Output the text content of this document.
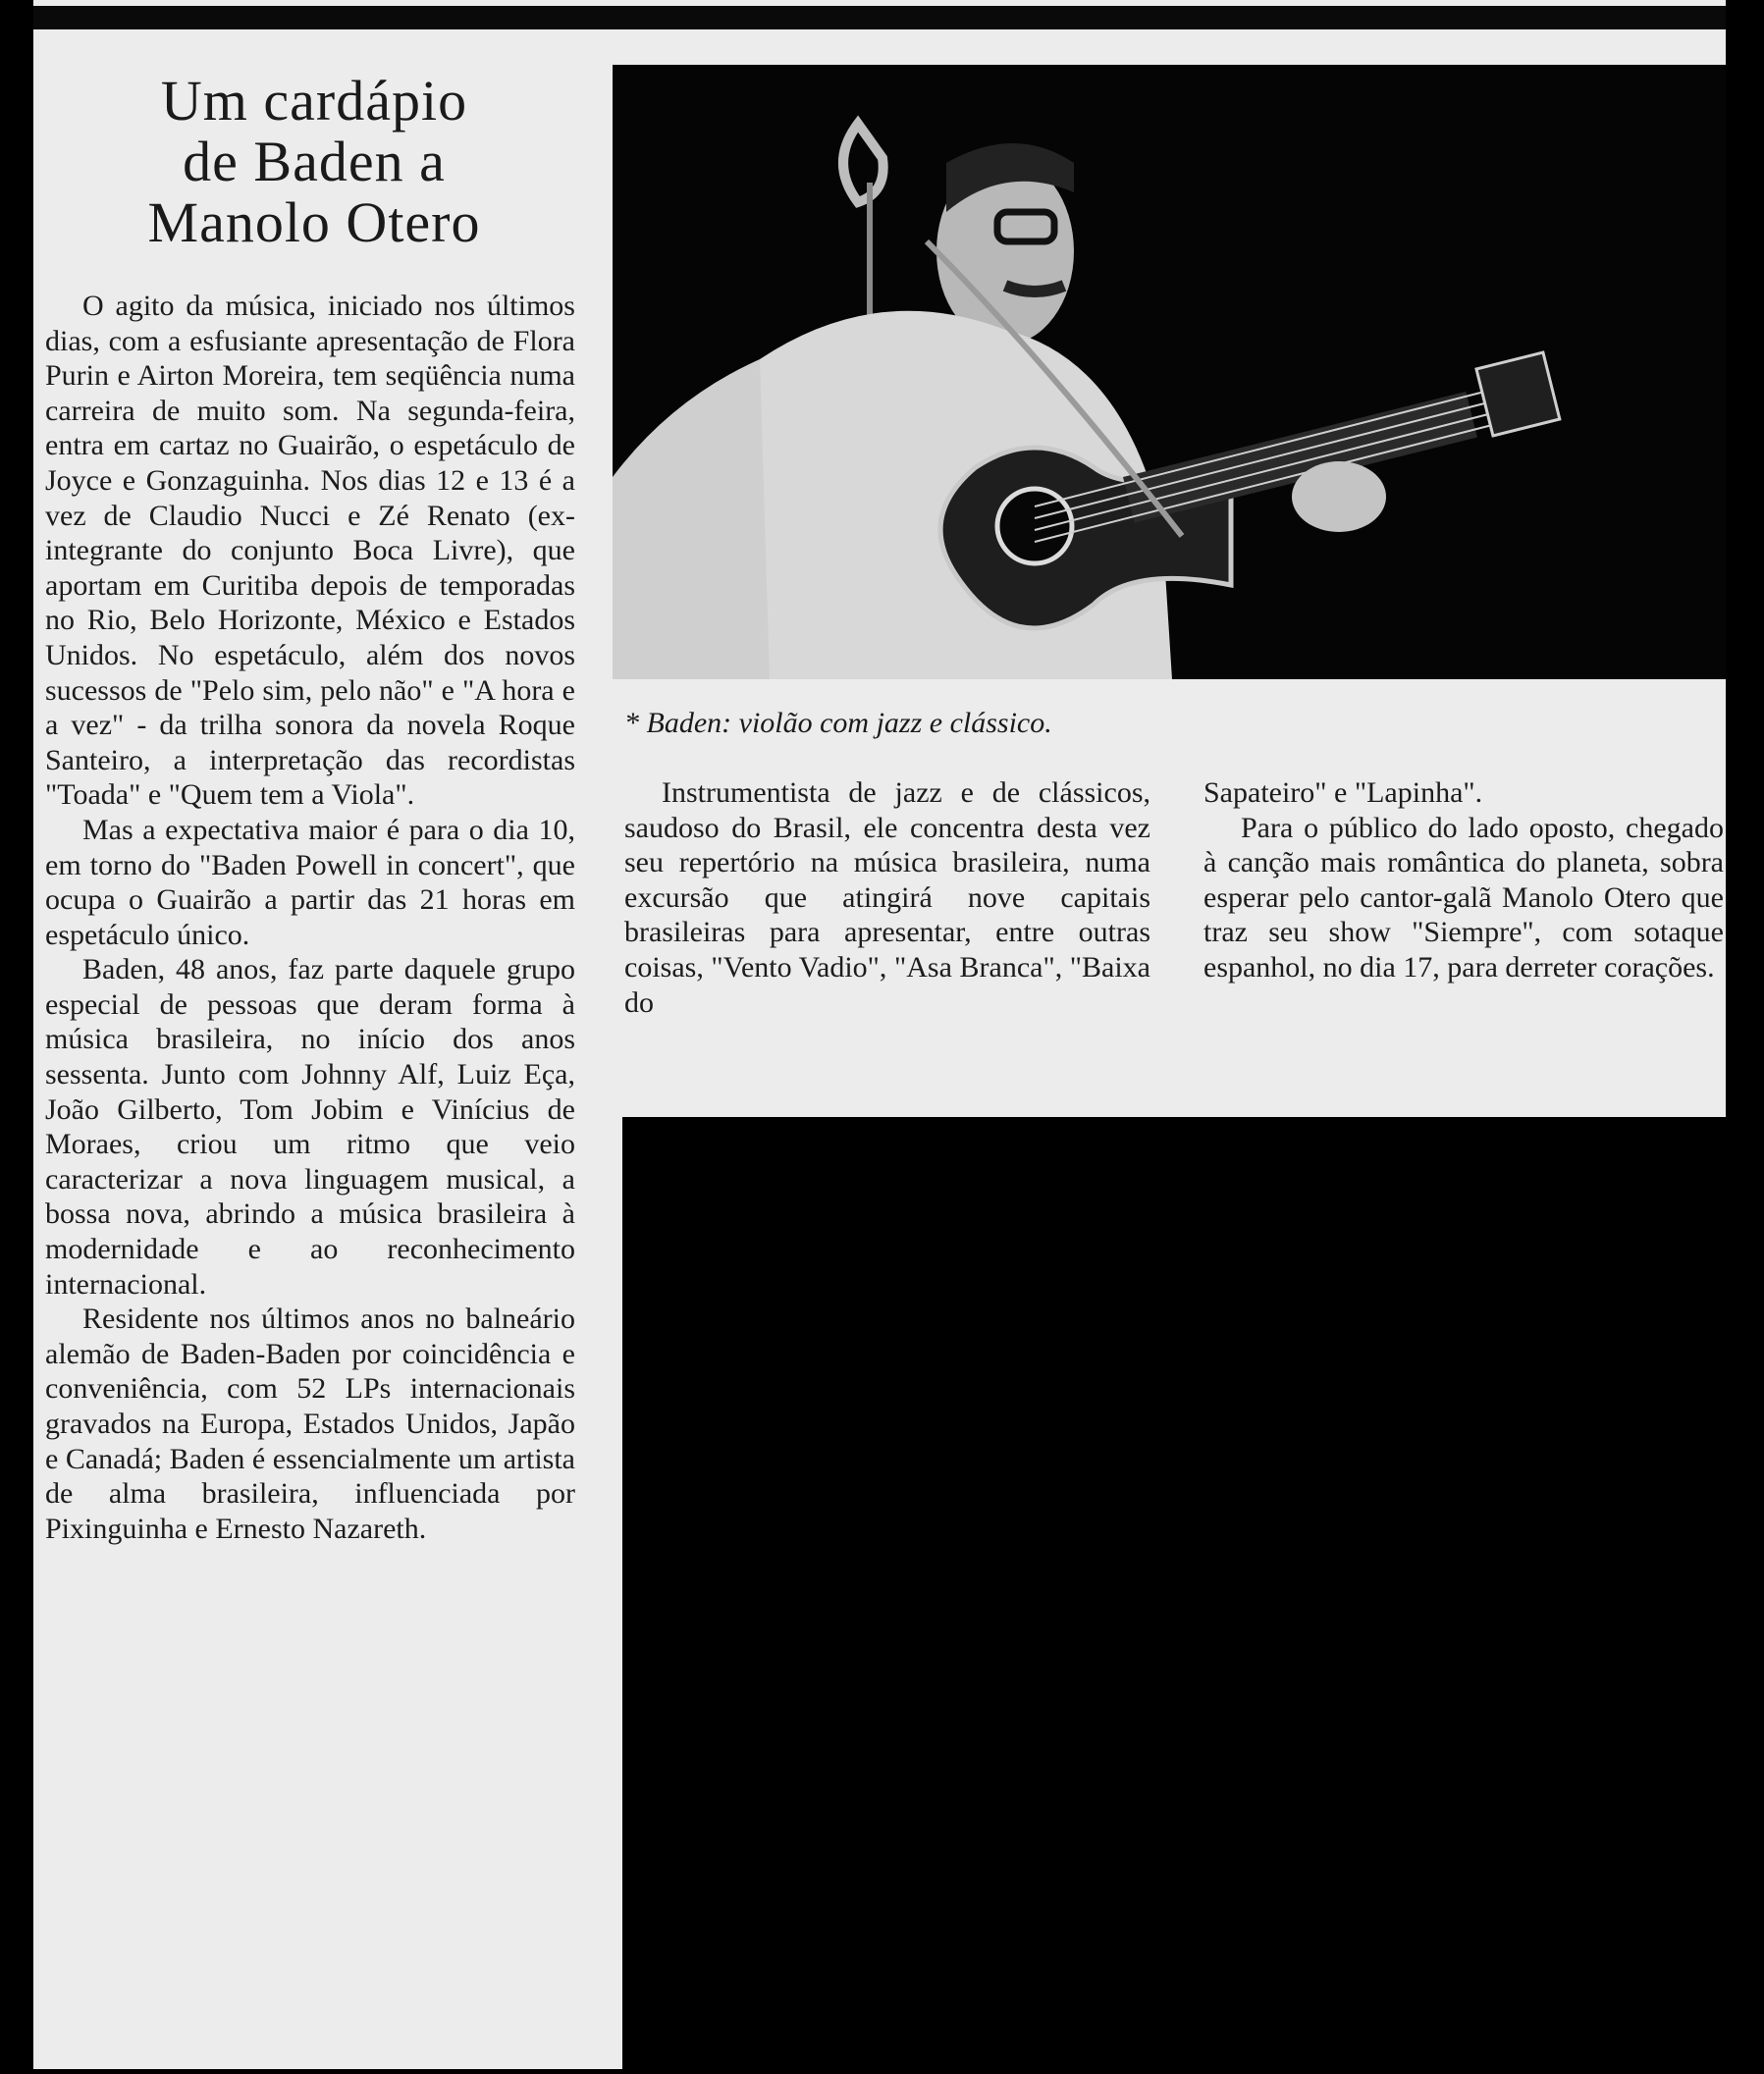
Um cardápio
de Baden a
Manolo Otero
* Baden: violão com jazz e clássico.

O agito da música, iniciado nos últimos dias, com a esfusiante apresentação de Flora Purin e Airton Moreira, tem seqüência numa carreira de muito som. Na segunda-feira, entra em cartaz no Guairão, o espetáculo de Joyce e Gonzaguinha. Nos dias 12 e 13 é a vez de Claudio Nucci e Zé Renato (ex-integrante do conjunto Boca Livre), que aportam em Curitiba depois de temporadas no Rio, Belo Horizonte, México e Estados Unidos. No espetáculo, além dos novos sucessos de "Pelo sim, pelo não" e "A hora e a vez" - da trilha sonora da novela Roque Santeiro, a interpretação das recordistas "Toada" e "Quem tem a Viola".

Mas a expectativa maior é para o dia 10, em torno do "Baden Powell in concert", que ocupa o Guairão a partir das 21 horas em espetáculo único.

Baden, 48 anos, faz parte daquele grupo especial de pessoas que deram forma à música brasileira, no início dos anos sessenta. Junto com Johnny Alf, Luiz Eça, João Gilberto, Tom Jobim e Vinícius de Moraes, criou um ritmo que veio caracterizar a nova linguagem musical, a bossa nova, abrindo a música brasileira à modernidade e ao reconhecimento internacional.

Residente nos últimos anos no balneário alemão de Baden-Baden por coincidência e conveniência, com 52 LPs internacionais gravados na Europa, Estados Unidos, Japão e Canadá; Baden é essencialmente um artista de alma brasileira, influenciada por Pixinguinha e Ernesto Nazareth.

Instrumentista de jazz e de clássicos, saudoso do Brasil, ele concentra desta vez seu repertório na música brasileira, numa excursão que atingirá nove capitais brasileiras para apresentar, entre outras coisas, "Vento Vadio", "Asa Branca", "Baixa do

Sapateiro" e "Lapinha".

Para o público do lado oposto, chegado à canção mais romântica do planeta, sobra esperar pelo cantor-galã Manolo Otero que traz seu show "Siempre", com sotaque espanhol, no dia 17, para derreter corações.
